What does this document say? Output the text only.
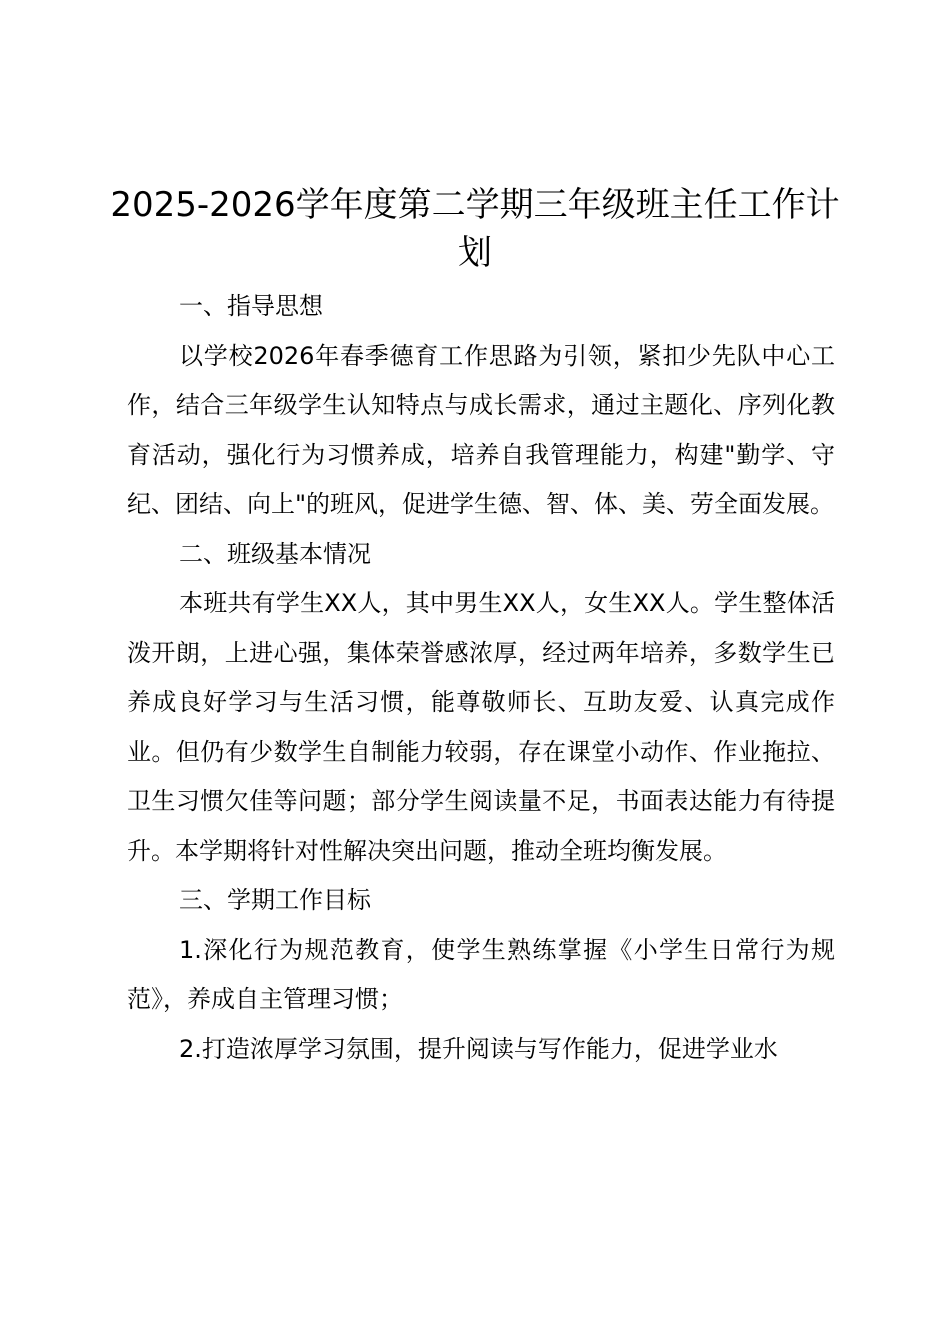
2025-2026学年度第二学期三年级班主任工作计划

一、指导思想

以学校2026年春季德育工作思路为引领，紧扣少先队中心工作，结合三年级学生认知特点与成长需求，通过主题化、序列化教育活动，强化行为习惯养成，培养自我管理能力，构建"勤学、守纪、团结、向上"的班风，促进学生德、智、体、美、劳全面发展。

二、班级基本情况

本班共有学生XX人，其中男生XX人，女生XX人。学生整体活泼开朗，上进心强，集体荣誉感浓厚，经过两年培养，多数学生已养成良好学习与生活习惯，能尊敬师长、互助友爱、认真完成作业。但仍有少数学生自制能力较弱，存在课堂小动作、作业拖拉、卫生习惯欠佳等问题；部分学生阅读量不足，书面表达能力有待提升。本学期将针对性解决突出问题，推动全班均衡发展。

三、学期工作目标

1.深化行为规范教育，使学生熟练掌握《小学生日常行为规范》，养成自主管理习惯；

2.打造浓厚学习氛围，提升阅读与写作能力，促进学业水
